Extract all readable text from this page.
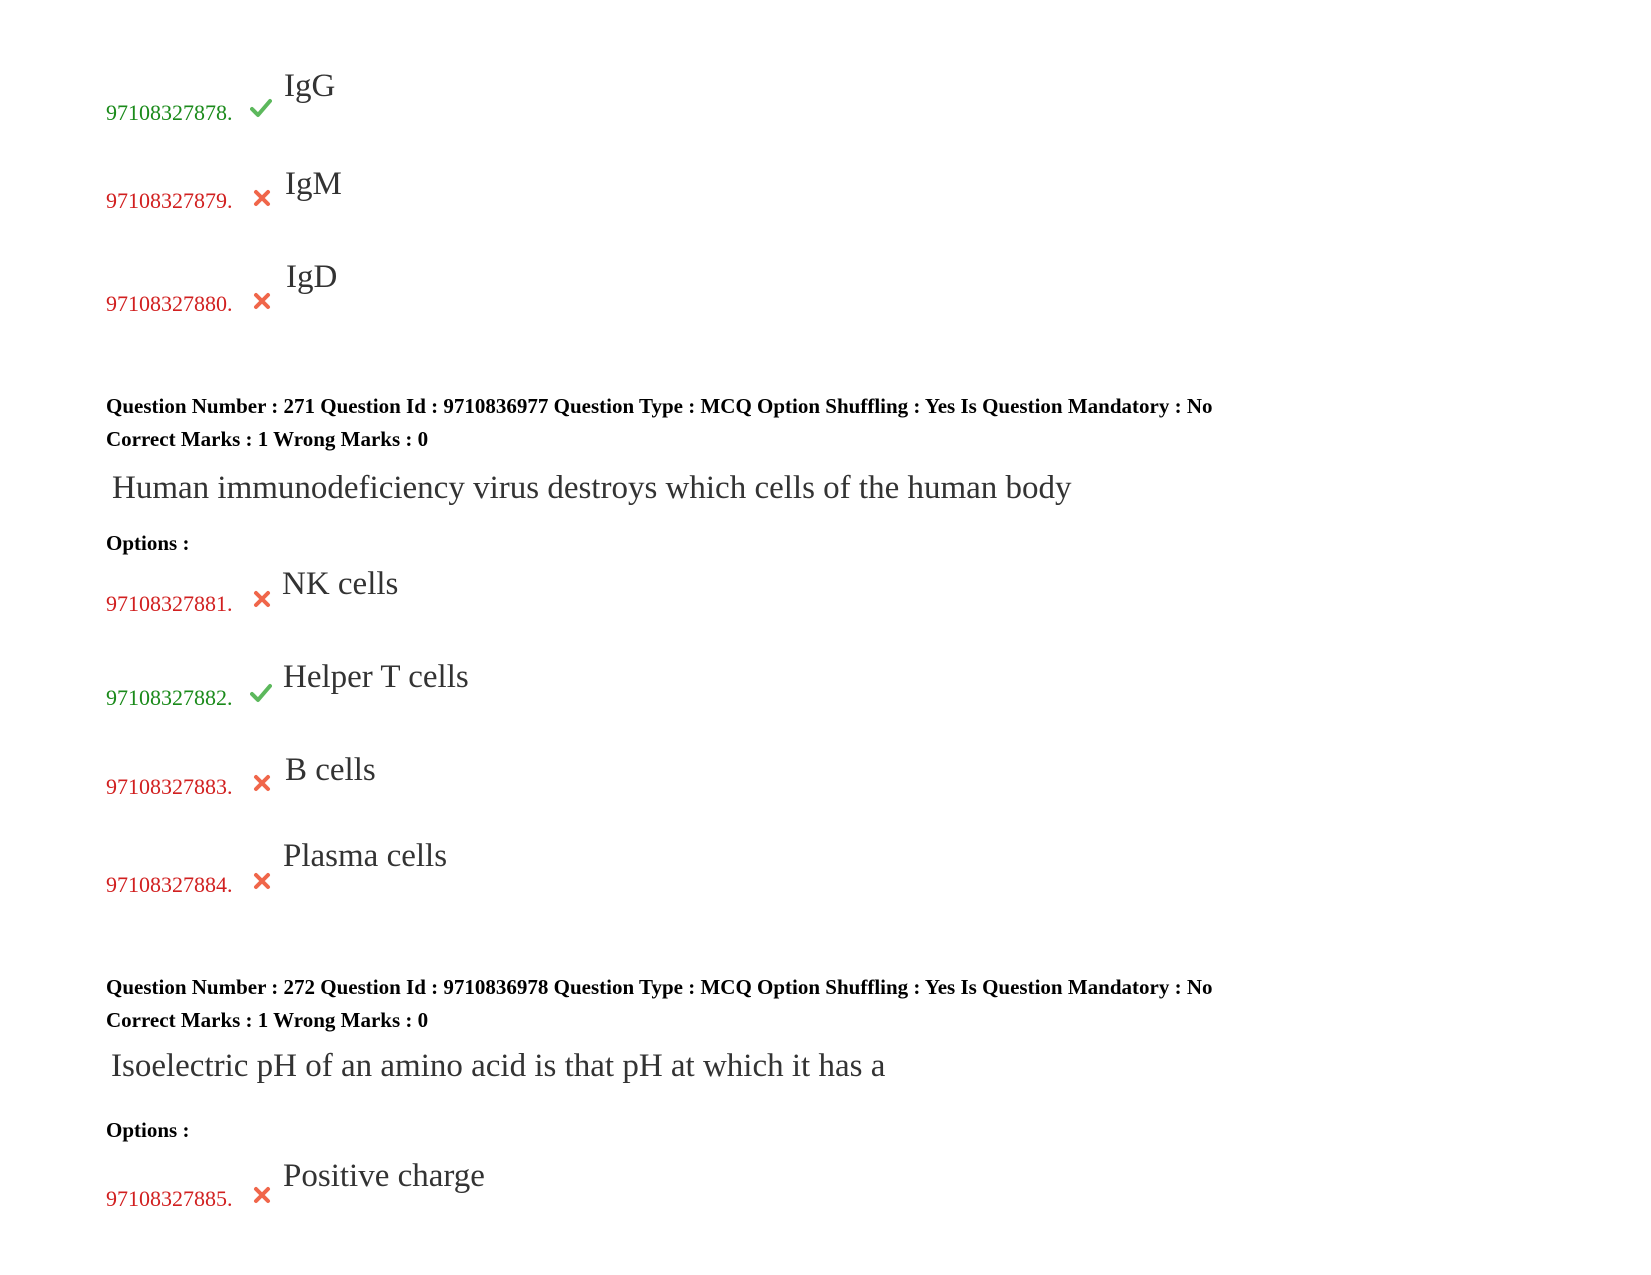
97108327878.
IgG
97108327879. IgM
97108327880.
IgD
Question Number : 271 Question Id : 9710836977 Question Type : MCQ Option Shuffling : Yes Is Question Mandatory : No
Correct Marks : 1 Wrong Marks : 0
Human immunodeficiency virus destroys which cells of the human body
Options :
97108327881.
NK cells
97108327882.
Helper T cells
97108327883. B cells
97108327884.
Plasma cells
Question Number : 272 Question Id : 9710836978 Question Type : MCQ Option Shuffling : Yes Is Question Mandatory : No
Correct Marks : 1 Wrong Marks : 0
Isoelectric pH of an amino acid is that pH at which it has a
Options :
97108327885.
Positive charge
